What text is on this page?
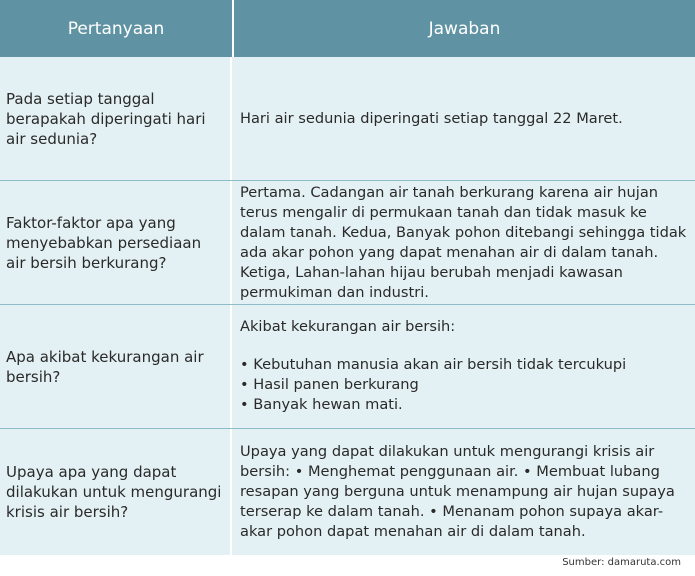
Pertanyaan	Jawaban
Pada setiap tanggal berapakah diperingati hari air sedunia?
Hari air sedunia diperingati setiap tanggal 22 Maret.
Faktor-faktor apa yang menyebabkan persediaan air bersih berkurang?
Pertama. Cadangan air tanah berkurang karena air hujan terus mengalir di permukaan tanah dan tidak masuk ke dalam tanah. Kedua, Banyak pohon ditebangi sehingga tidak ada akar pohon yang dapat menahan air di dalam tanah. Ketiga, Lahan-lahan hijau berubah menjadi kawasan permukiman dan industri.
Apa akibat kekurangan air bersih?
Akibat kekurangan air bersih:
• Kebutuhan manusia akan air bersih tidak tercukupi
• Hasil panen berkurang
• Banyak hewan mati.
Upaya apa yang dapat dilakukan untuk mengurangi krisis air bersih?
Upaya yang dapat dilakukan untuk mengurangi krisis air bersih: • Menghemat penggunaan air. • Membuat lubang resapan yang berguna untuk menampung air hujan supaya terserap ke dalam tanah. • Menanam pohon supaya akar-akar pohon dapat menahan air di dalam tanah.
Sumber: damaruta.com
